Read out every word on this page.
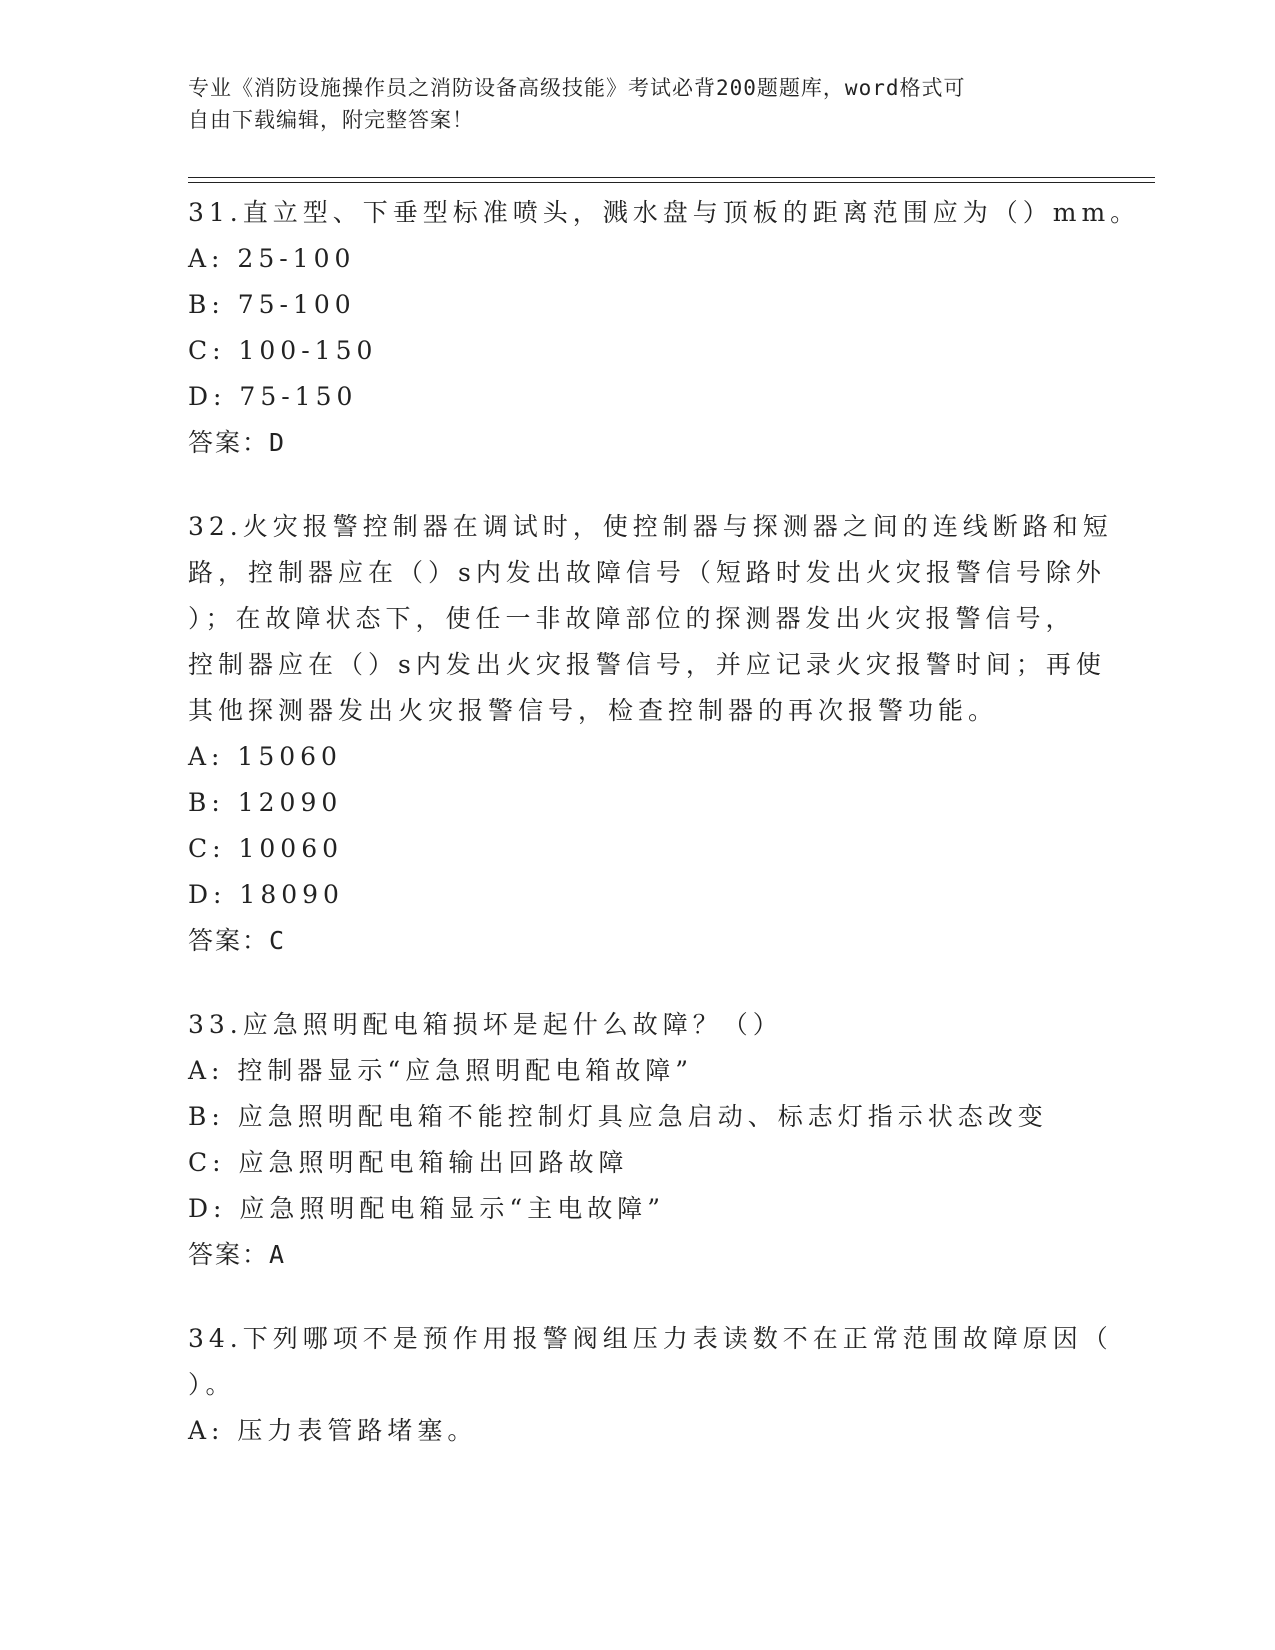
专业《消防设施操作员之消防设备高级技能》考试必背200题题库，word格式可
自由下载编辑，附完整答案！
31.直立型、下垂型标准喷头，溅水盘与顶板的距离范围应为（）mm。
A: 25-100
B: 75-100
C: 100-150
D: 75-150
答案：D
32.火灾报警控制器在调试时，使控制器与探测器之间的连线断路和短
路，控制器应在（）s内发出故障信号（短路时发出火灾报警信号除外
）；在故障状态下，使任一非故障部位的探测器发出火灾报警信号，
控制器应在（）s内发出火灾报警信号，并应记录火灾报警时间；再使
其他探测器发出火灾报警信号，检查控制器的再次报警功能。
A: 15060
B: 12090
C: 10060
D: 18090
答案：C
33.应急照明配电箱损坏是起什么故障？（）
A: 控制器显示“应急照明配电箱故障”
B: 应急照明配电箱不能控制灯具应急启动、标志灯指示状态改变
C: 应急照明配电箱输出回路故障
D: 应急照明配电箱显示“主电故障”
答案：A
34.下列哪项不是预作用报警阀组压力表读数不在正常范围故障原因（
）。
A: 压力表管路堵塞。
